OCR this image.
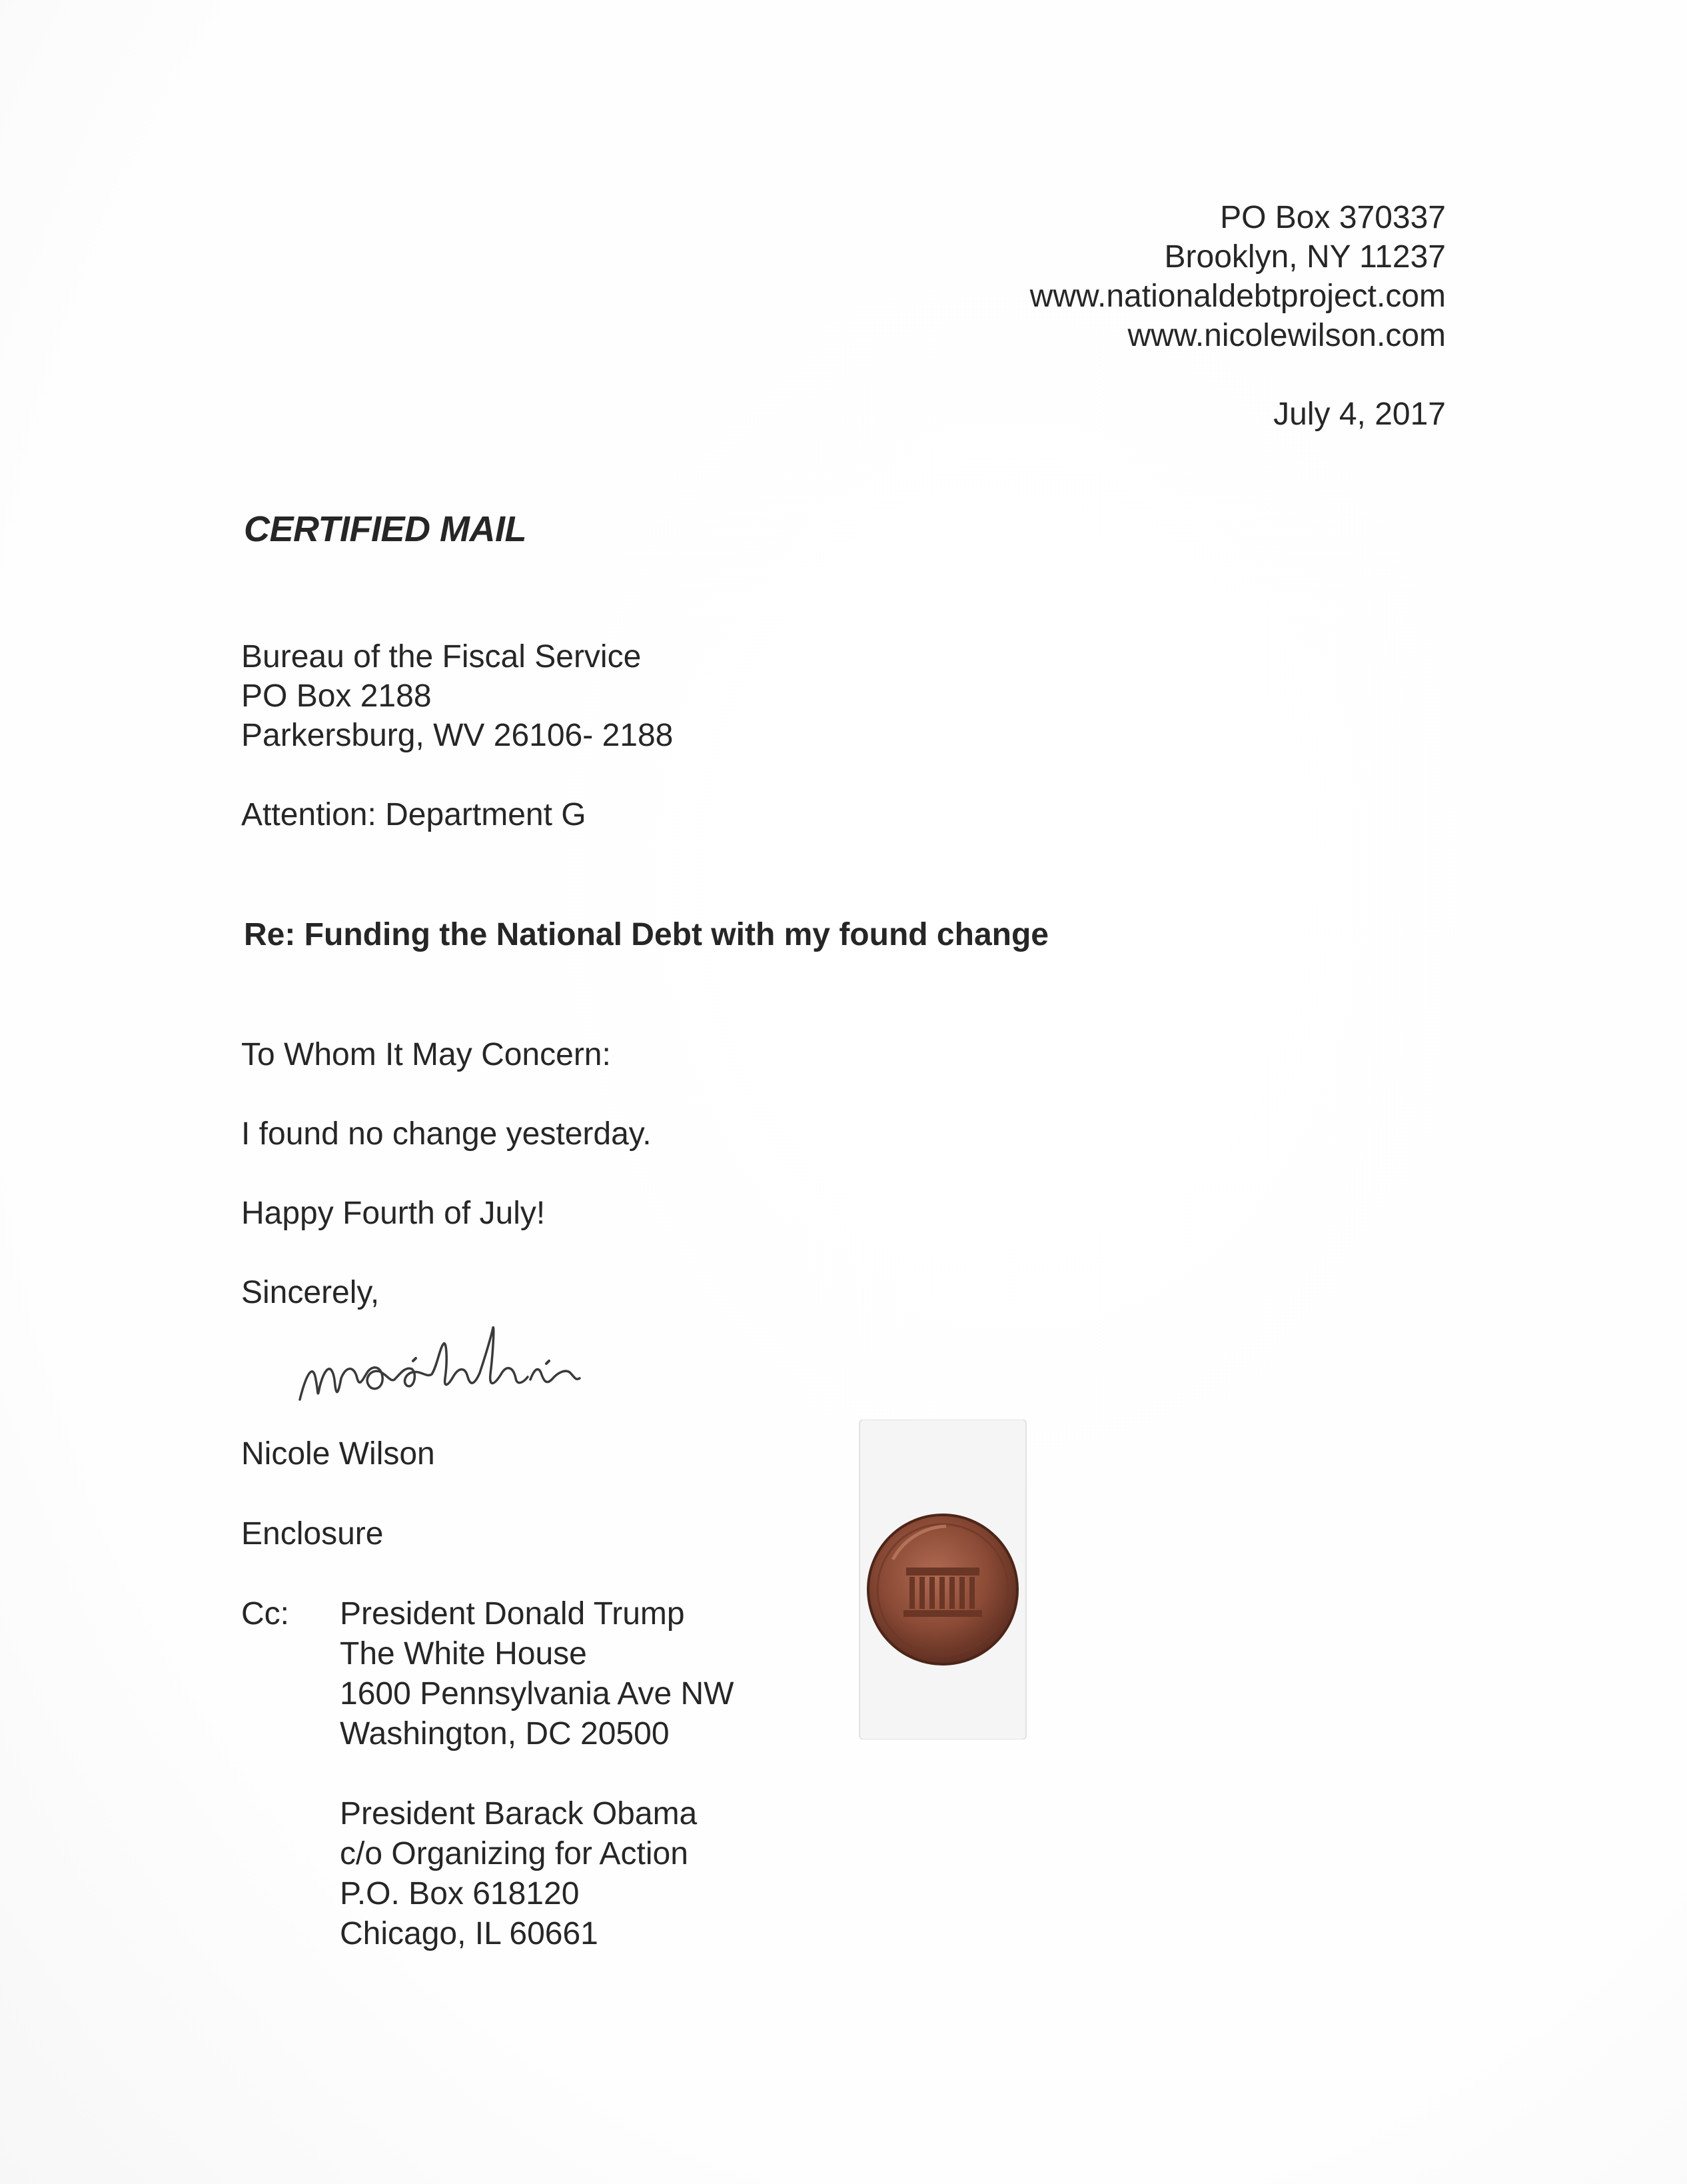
PO Box 370337
Brooklyn, NY 11237
www.nationaldebtproject.com
www.nicolewilson.com
July 4, 2017
CERTIFIED MAIL
Bureau of the Fiscal Service
PO Box 2188
Parkersburg, WV 26106- 2188
Attention: Department G
Re: Funding the National Debt with my found change
To Whom It May Concern:
I found no change yesterday.
Happy Fourth of July!
Sincerely,
Nicole Wilson
Enclosure
Cc: President Donald Trump
The White House
1600 Pennsylvania Ave NW
Washington, DC 20500
President Barack Obama
c/o Organizing for Action
P.O. Box 618120
Chicago, IL 60661
